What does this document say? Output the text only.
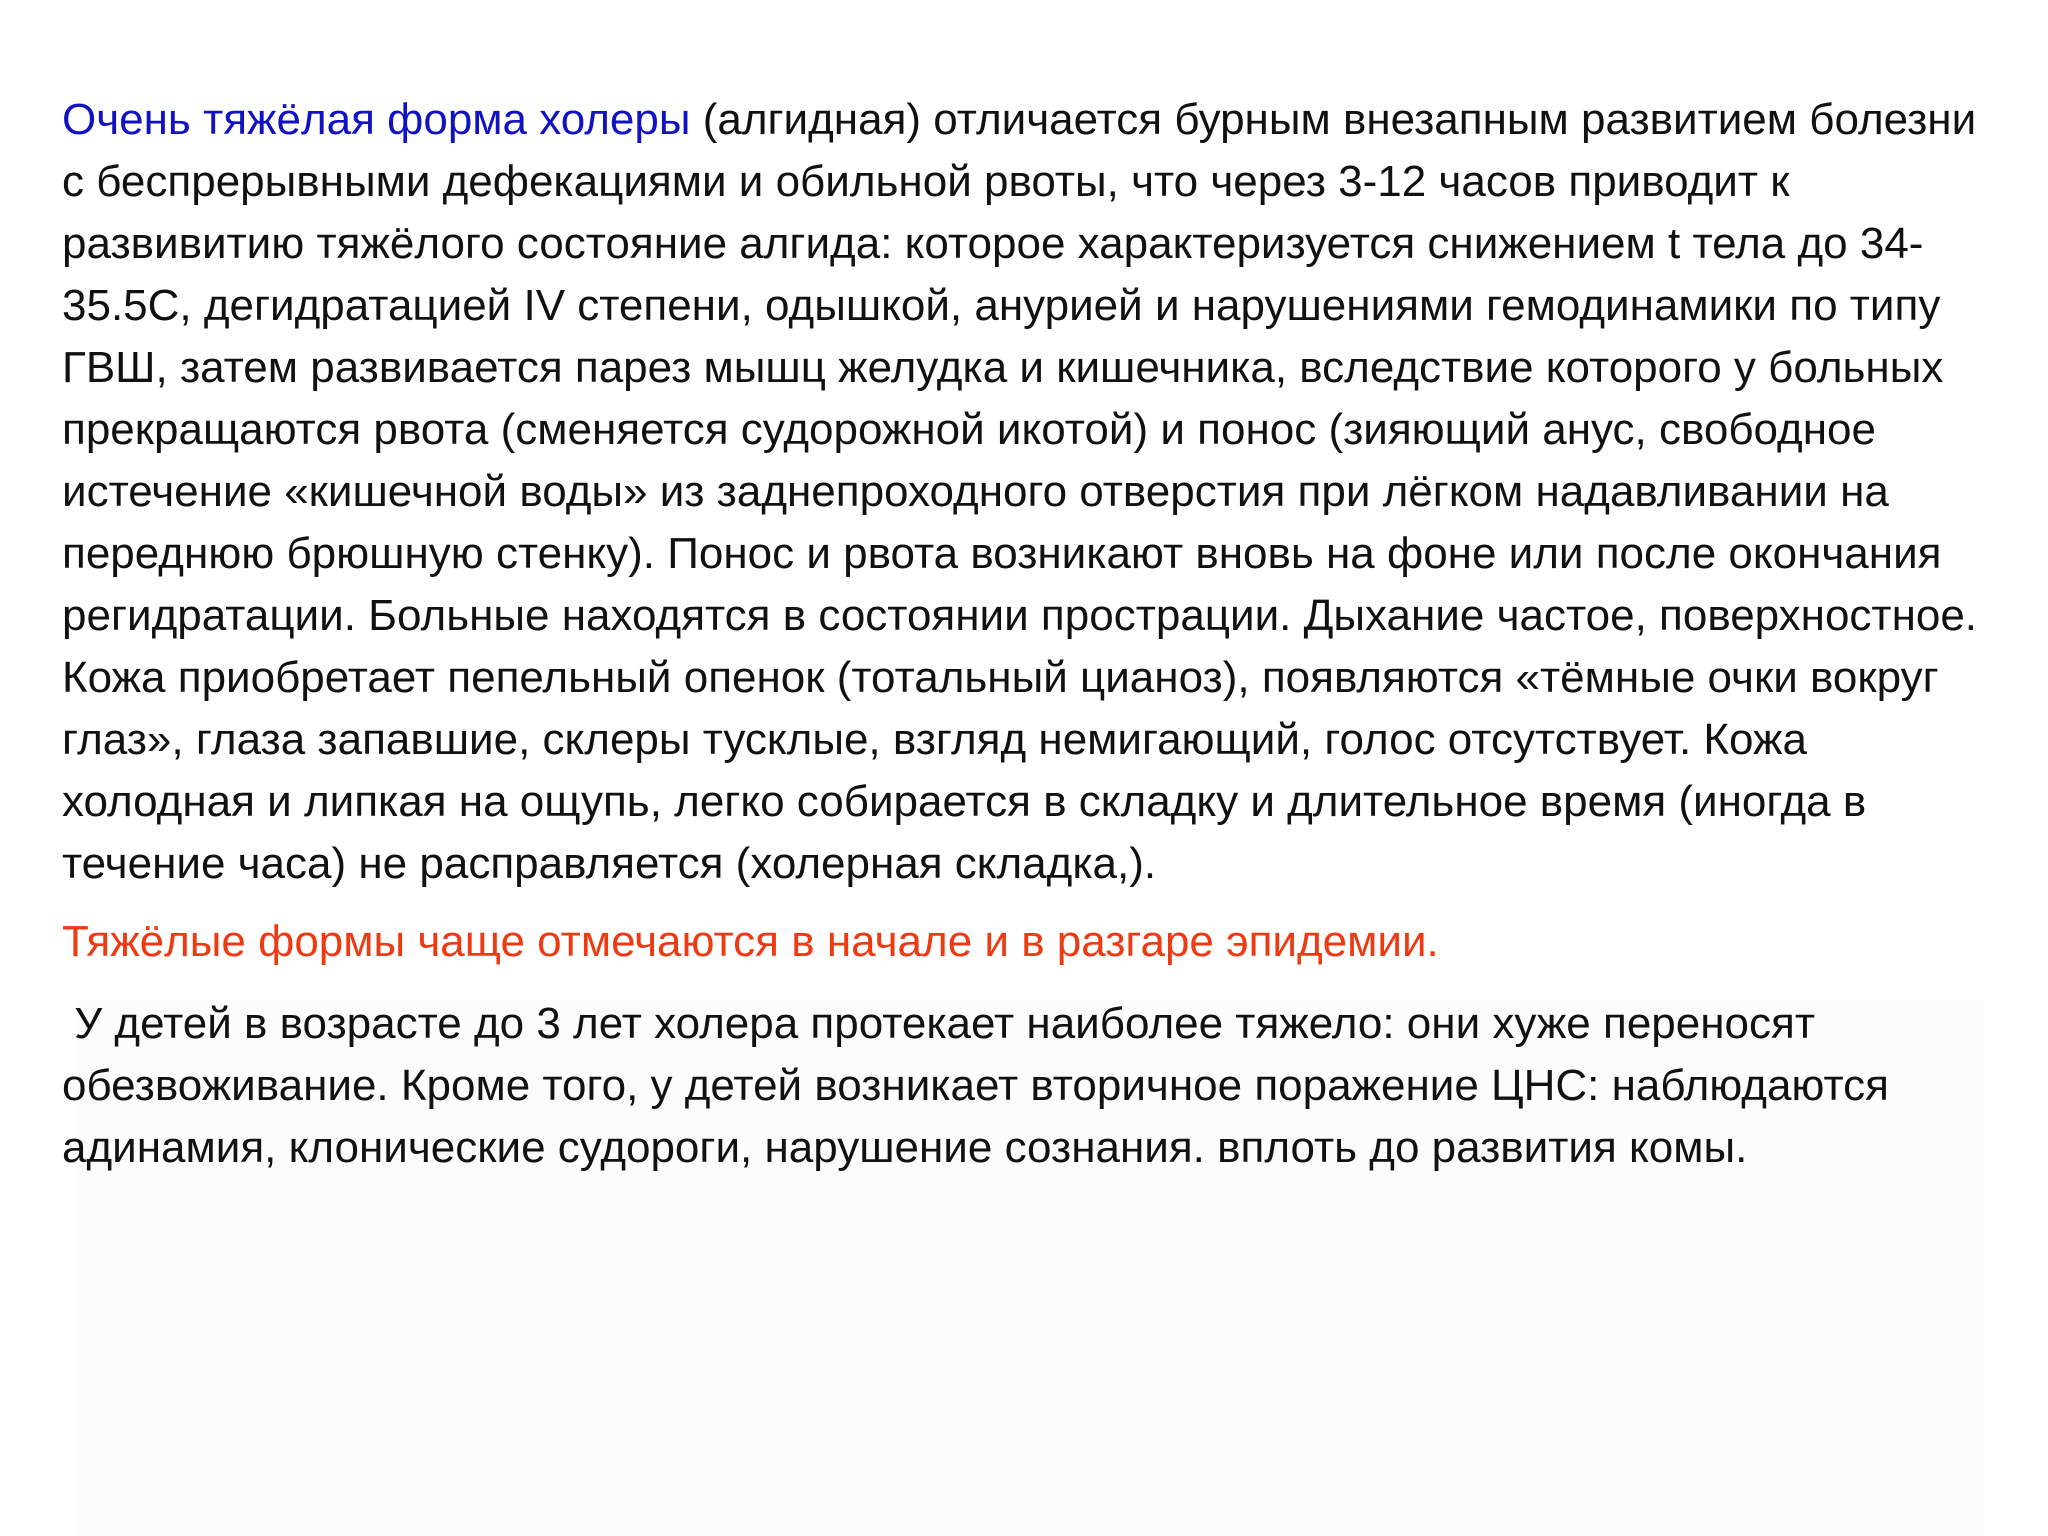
Очень тяжёлая форма холеры (алгидная) отличается бурным внезапным развитием болезни с беспрерывными дефекациями и обильной рвоты, что через 3-12 часов приводит к развивитию тяжёлого состояние алгида: которое характеризуется снижением t тела до 34- 35.5С, дегидратацией IV степени, одышкой, анурией и нарушениями гемодинамики по типу ГВШ, затем развивается парез мышц желудка и кишечника, вследствие которого у больных прекращаются рвота (сменяется судорожной икотой) и понос (зияющий анус, свободное истечение «кишечной воды» из заднепроходного отверстия при лёгком надавливании на переднюю брюшную стенку). Понос и рвота возникают вновь на фоне или после окончания регидратации. Больные находятся в состоянии прострации. Дыхание частое, поверхностное. Кожа приобретает пепельный опенок (тотальный цианоз), появляются «тёмные очки вокруг глаз», глаза запавшие, склеры тусклые, взгляд немигающий, голос отсутствует. Кожа холодная и липкая на ощупь, легко собирается в складку и длительное время (иногда в течение часа) не расправляется (холерная складка,).

Тяжёлые формы чаще отмечаются в начале и в разгаре эпидемии.

У детей в возрасте до 3 лет холера протекает наиболее тяжело: они хуже переносят обезвоживание. Кроме того, у детей возникает вторичное поражение ЦНС: наблюдаются адинамия, клонические судороги, нарушение сознания. вплоть до развития комы.
